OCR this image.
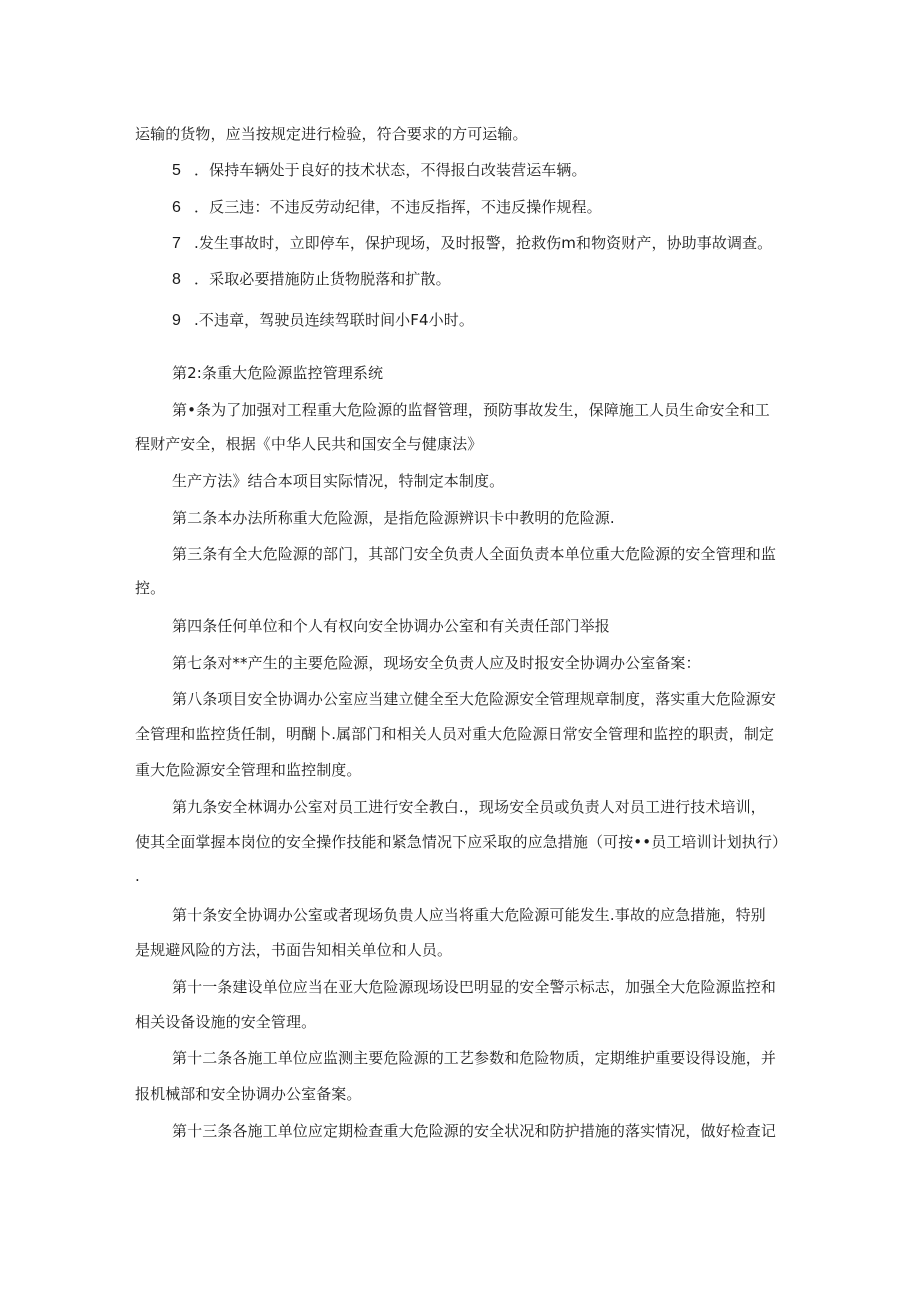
运输的货物，应当按规定进行检验，符合要求的方可运输。
5 ．保持车辆处于良好的技术状态，不得报白改装营运车辆。
6 ．反三违：不违反劳动纪律，不违反指挥，不违反操作规程。
7 .发生事故时，立即停车，保护现场，及时报警，抢救伤m和物资财产，协助事故调查。
8 ．采取必要措施防止货物脱落和扩散。
9 .不违章，驾驶员连续驾联时间小F4小时。
第2:条重大危险源监控管理系统
第•条为了加强对工程重大危险源的监督管理，预防事故发生，保障施工人员生命安全和工
程财产安全，根据《中华人民共和国安全与健康法》
生产方法》结合本项目实际情况，特制定本制度。
第二条本办法所称重大危险源，是指危险源辨识卡中教明的危险源.
第三条有全大危险源的部门，其部门安全负责人全面负责本单位重大危险源的安全管理和监
控。
第四条任何单位和个人有权向安全协调办公室和有关责任部门举报
第七条对**产生的主要危险源，现场安全负责人应及时报安全协调办公室备案：
第八条项目安全协调办公室应当建立健全至大危险源安全管理规章制度，落实重大危险源安
全管理和监控货任制，明醐卜.属部门和相关人员对重大危险源日常安全管理和监控的职责，制定
重大危险源安全管理和监控制度。
第九条安全林调办公室对员工进行安全教白.，现场安全员或负责人对员工进行技术培训，
使其全面掌握本岗位的安全操作技能和紧急情况下应采取的应急措施（可按••员工培训计划执行）
.
第十条安全协调办公室或者现场负贵人应当将重大危险源可能发生.事故的应急措施，特别
是规避风险的方法，书面告知相关单位和人员。
第十一条建设单位应当在亚大危险源现场设巴明显的安全警示标志，加强全大危险源监控和
相关设备设施的安全管理。
第十二条各施工单位应监测主要危险源的工艺参数和危险物质，定期维护重要设得设施，并
报机械部和安全协调办公室备案。
第十三条各施工单位应定期检查重大危险源的安全状况和防护措施的落实情况，做好检查记
